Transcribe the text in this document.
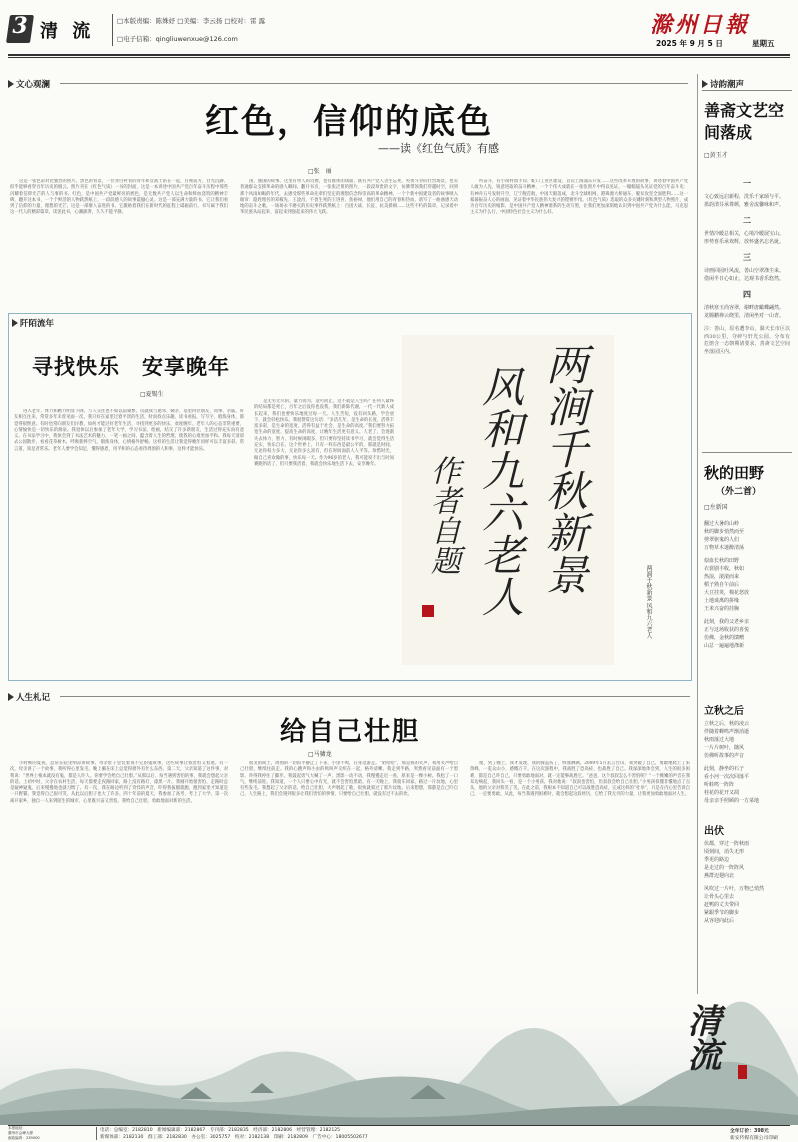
3 清 流	□本版责编：陈姝妤 □美编：李云扬 □校对：雷 露
□电子信箱：qingliuwenxue@126.com
滁州日報
2025 年 9 月 5 日	星期五
文心观澜
红色，信仰的底色
——读《红色气质》有感
□张　丽

这是一张色彩对比强烈的照片。黑色的背景，一位穿白衬衣的青年和女战士站在一起，目视前方，目光沉静，似乎能够看穿百年历史的烟云。照片刊在《红色气质》一书的封面，这是一本讲述中国共产党百年奋斗历程中那些闪耀着信仰光芒的人与事的书。红色，是中国共产党最鲜亮的底色，是无数共产党人以生命和鲜血浇筑的精神丰碑，翻开这本书，一个个鲜活的人物跃然纸上，一段段感人的故事震撼心灵。这是一部充满力量的书，它让我们看到了信仰的力量，理想的光芒。这是一部催人奋进的书，它激励着我们在新时代的征程上砥砺前行，书写属于我们这一代人的精彩篇章。读罢此书，心潮澎湃，久久不能平静。

国，强国的故事。这里有单人的肖像，也有群体的场面，既有共产党人舍生忘死、英勇斗争的壮烈场景，也有普通群众支援革命的感人瞬间。翻开书页，一张张泛黄的照片、一段段珍贵的文字，仿佛带领我们穿越时空，回到那个风雨如晦的年代，去感受那些革命先辈们坚定的理想信念和崇高的革命精神。一个个新中国建设者的故事映入眼帘：隐姓埋名的邓稼先、王淦昌，不畏生死的王进喜，焦裕禄，他们用自己的青春和热血，谱写了一曲曲感天动地的奋斗之歌。一场场永不磨灭的历史事件跃然纸上：百团大战、长征、抗美援朝……这些不朽的篇章，记录着中华民族从站起来、富起来到强起来的伟大飞跃。

所奋斗，有小岗村血手印、蛇口工业区建设、首次上海浦东开发……这些改革开放的故事，讲述着中国共产党人敢为人先、锐意进取的奋斗精神，一个个伟大成就在一张张照片中得以见证。一幅幅镜头见证党的百年奋斗史：有神舟五号发射升空，辽宁舰首航，中国天眼落成，北斗全球组网，港珠澳大桥通车，脱贫攻坚全面胜利……这一幕幕振奋人心的画面，见证着中华民族伟大复兴的铿锵步伐。《红色气质》选取的众多关键时刻和典型人物照片，成为百年历史的缩影，是中国共产党人精神谱系的生动写照，让我们更加深刻地认识到中国共产党为什么能，马克思主义为什么行，中国特色社会主义为什么好。

阡陌流年
寻找快乐　安享晚年
□夏锡生

进入老年，体力和精力明显下降，与人交往也不如以前频繁，仅就我与邀邻、姨亲、基里四位朋友，同事、亲戚、好友相互往来，常常多年未曾见面一次，我只好在家里过着平淡的生活，时而找点乐趣，读书看报，写写字，锻炼身体，都觉得很惬意。有时也常向朋友们讨教，如何才能过好老年生活，寻找到更多的快乐，欢度晚年。老年人的心态非常重要，心情愉快是一切快乐的源泉。我退休以后参加了老年大学，学习书法、绘画，结交了许多新朋友，生活过得充实而有意义。在书法学习中，我体会到了书法艺术的魅力，一笔一画之间，蕴含着人生的哲理，使我的心境更加平和。我每天清晨去公园散步，看看花草树木，呼吸新鲜空气，锻炼身体，心情格外舒畅。这样的生活让我觉得晚年同样可以丰富多彩。常言道，知足者常乐。老年人要学会知足，懂得感恩，用平和的心态看待周围的人和事，这样才能快乐。

是无穷无尽的。量力而为，适可而止，这不就是人生吗？任何人最终的结局都是死亡，百年之后没你也没我，我们新陈代谢，一代一代新人成长起来，我们也要快乐地度过每一天。人生苦短，没有回头路，学会放下，就会轻松快乐。我很赞赏这句话：“多活几年，是生命的长度，活得丰富多彩，是生命的宽度，活得有益于社会，是生命的高度。”我们要努力拓宽生命的宽度，提高生命的高度，让晚年生活更有意义。人老了，会逐渐失去体力，智力，有时候闲暇多，但只要你坚持读书学习，就会觉得生活充实，快乐自在。这个世界上，只有一样东西是最公平的，那就是时间，无论你权力多大，无论你多么富有，但在时间面前人人平等。珍惜时光，做自己喜欢做的事，快乐每一天。作为96岁的老人，我可能说不出与时间赛跑的话了，但只要我活着，我就会快乐地生活下去，安享晚年。	两涧千秋新景
风和九六老人
作者自题
两涧千秋新景 风和九六老人
人生札记
给自己壮胆
□马骕龙

小时候的夏夜，总常在院里纳凉讲故事。母亲肚子里装着说不完的鬼故事，这些故事让我害怕又着迷。有一次，母亲讲了一个故事，我听得心里发毛，晚上躺在床上总觉得窗外有什么东西。第二天，父亲知道了这件事，对我说：“世界上根本就没有鬼，都是人吓人。你要学会给自己壮胆。”从那以后，每当遇到害怕的事，我就会想起父亲的话。上初中时，父亲在农村生活，每天都要走夜路回家，路上没有路灯，漆黑一片。我刚开始很害怕，走路时总是疑神疑鬼，后来慢慢地也就习惯了。有一次，我在路边听到了奇怪的声音，吓得我拔腿就跑，跑到家里才知道是一只野猫。我觉得自己很可笑，从此以后胆子也大了许多。四十年前的夏天，我参加了高考，考上了大学，第一次离开家乡，独自一人来到陌生的城市，心里既兴奋又害怕。我给自己壮胆，勇敢地面对新的生活。

很叉的间土，周围的一切似乎静止了下来，小虫不鸣，在身边游走。“哈哈哈”，那是我的笑声，我用笑声给自己壮胆，继续往前走。我的心跳声和小虫的鸣叫声交织在一起，格外清晰。我走到半路，突然看见前面有一个黑影，吓得我停住了脚步。我鼓起勇气大喊了一声，黑影一动不动，我慢慢走近一看，原来是一棵小树。我松了一口气，继续前进。我知道，一个人只要心中有光，就不会害怕黑暗。有一天晚上，我骑车回家，路过一片坟地，心里有些发毛。我想起了父亲的话，给自己壮胆，大声唱起了歌，很快就骑过了那片坟地。后来想想，那都是自己吓自己。人生路上，我们会遇到很多让我们害怕的事情，只要给自己壮胆，就没有过不去的坎。

爬，到了晚上，我才发现，我的膝盖伤了，鲜血淋漓。2009年5月去云台山，我突破了自己，勇敢地爬上了茱萸峰，一览众山小，感慨万千。在这次旅程中，我战胜了恐高症，也战胜了自己。我深深地体会到，人生的很多困难，都是自己吓自己，只要勇敢地面对，就一定能够战胜它。“爸爸，这个叔叔怎么不害怕呢？”一个稚嫩的声音在我耳边响起，我回头一看，是一个小男孩，我对他说：“叔叔也害怕，但叔叔会给自己壮胆。”小男孩似懂非懂地点了点头，他的父亲对我笑了笑。在此之前，我根本不知道自己可以战胜恐高症，完成这样的“壮举”，只是在内心里告诉自己，一定要勇敢。从此，每当我遇到困难时，就会想起这段经历，它给了我无穷的力量，让我更加勇敢地面对人生。

清流
诗韵潮声
善斋文艺空间落成
□黄玉才
一
文心致远启新程，洗乐千家颂与平。
墨韵清芬承尊颜，雅舍流馨咏和声。
二
世情冷暖总相关，心境冷暖展宝山。
形势喜乐承欢辉，放怀盛名忘名诞。
三
诗画回园吐风流，善山空翠涤尘来。
借闲半日心如止，达观书香乐悠然。
四
清秋寒玉尚容翠，谢畔唐瞰蝶翩然。
龙腾鹏禅云绕里，清闲坐对一山青。

注：善山，原名遭李山，滁天长市区以西30公里，夺碎与轩光公园，分布有危熔含一态朝期诸要求，善斋文艺空间坐落园区内。

秋的田野
（外二首）
□左新国
翻过大暑的山岭
秋的脚步悄然而至
剪翠驱鬼的人们
万物草木迷醉清荡
似血长秋的田野
衣裳剧丰收，秋如
热浪，滚滚而来
稻子熟自午前后
大豆挂荚，棉花怒放
土地谈离的拼缘
王米兴奋的挂胸
此刻，我的父老乡亲
正与这场收获的喜悦
仿佛，金秋的馈赠
山总一遍遍地涤新
立秋之后
立秋之后，秋的凌云
伴随着蝉鸣声渐消逝
秋雨落过大地
一片片树叶，随风
仿佛听故事的声音
此刻，静坐的石子
看小河一次次回落平
听蛙鸣一阵阵
桂花的花开又凋
母亲亲手照顾的一方菜地
出伏
伏都，穿过一阵秋雨
顷刻间，消失无形
季更的路边
是走过的一阵阵风
燕群迈翅向北
风吹过一片叶，万物已悄然
让骨头心里去
赶鸭的丈夫带回
紧跟季节的脚步
从容迎向此后
本报地址：
滁州市会峰大厦
邮政编码：239000
电话：总编室：2182810　新闻编辑部：2182867　专刊部：2182835　经济部：2182806　经营管理：2182125
新媒体部：2182130　群工部：2182830　办公室：3025757　校对：2182138　印刷：2182809　广告中心：18005502677
全年订价：398元
新安传媒有限公司印刷
